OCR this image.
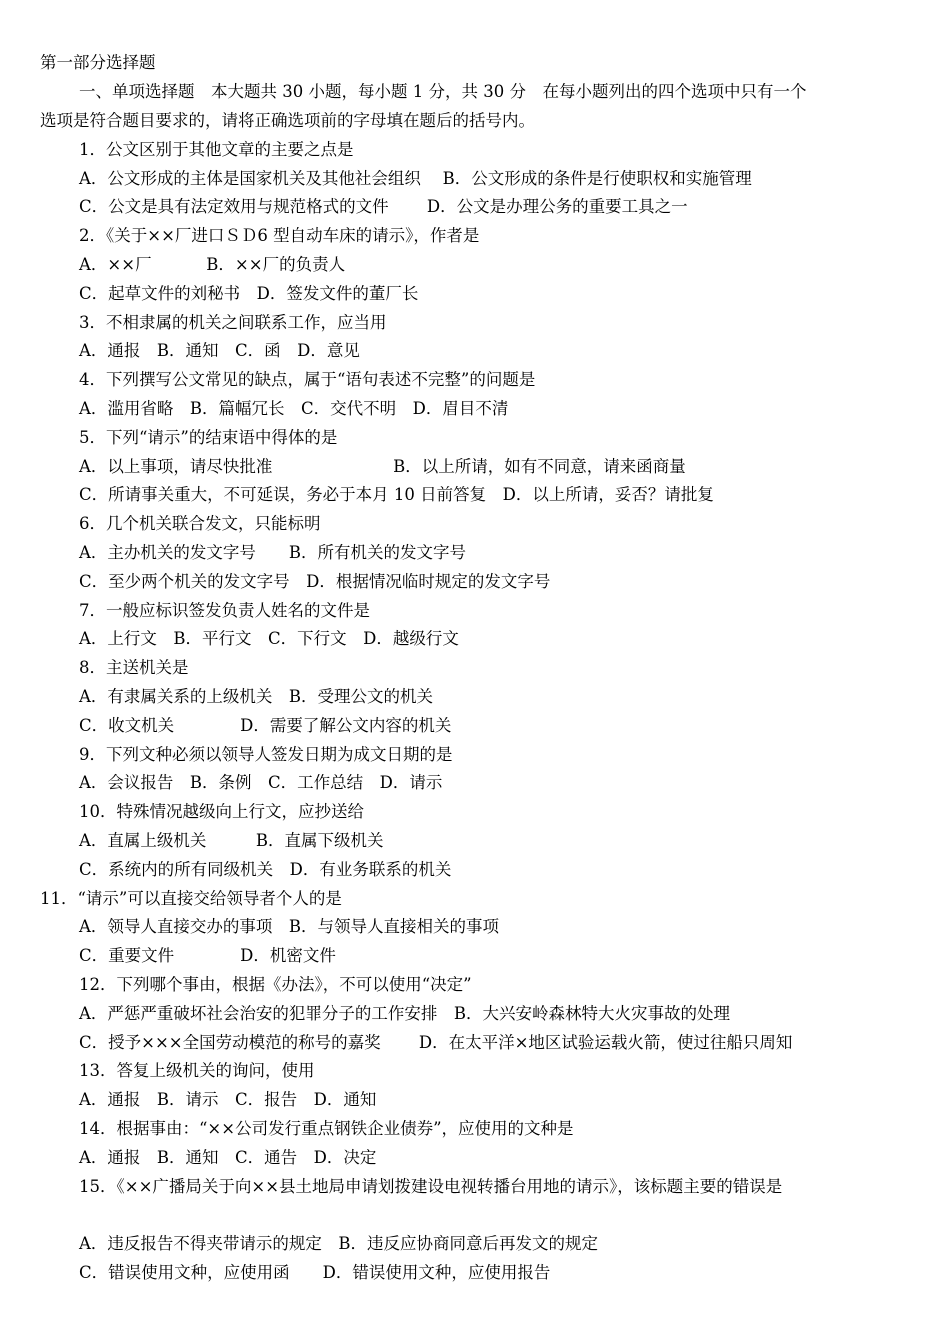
第一部分选择题
一、单项选择题　本大题共 30 小题，每小题 1 分，共 30 分　在每小题列出的四个选项中只有一个
选项是符合题目要求的，请将正确选项前的字母填在题后的括号内。
1．公文区别于其他文章的主要之点是
A．公文形成的主体是国家机关及其他社会组织　 B．公文形成的条件是行使职权和实施管理
C．公文是具有法定效用与规范格式的文件　　 D．公文是办理公务的重要工具之一
2．《关于××厂进口ＳＤ6 型自动车床的请示》，作者是
A．××厂　　　 B．××厂的负责人
C．起草文件的刘秘书　D．签发文件的董厂长
3．不相隶属的机关之间联系工作，应当用
A．通报　B．通知　C．函　D．意见
4．下列撰写公文常见的缺点，属于“语句表述不完整”的问题是
A．滥用省略　B．篇幅冗长　C．交代不明　D．眉目不清
5．下列“请示”的结束语中得体的是
A．以上事项，请尽快批准　　　　　　　 B．以上所请，如有不同意，请来函商量
C．所请事关重大，不可延误，务必于本月 10 日前答复　D．以上所请，妥否？请批复
6．几个机关联合发文，只能标明
A．主办机关的发文字号　　B．所有机关的发文字号
C．至少两个机关的发文字号　D．根据情况临时规定的发文字号
7．一般应标识签发负责人姓名的文件是
A．上行文　B．平行文　C．下行文　D．越级行文
8．主送机关是
A．有隶属关系的上级机关　B．受理公文的机关
C．收文机关　　　　D．需要了解公文内容的机关
9．下列文种必须以领导人签发日期为成文日期的是
A．会议报告　B．条例　C．工作总结　D．请示
10．特殊情况越级向上行文，应抄送给
A．直属上级机关　　　B．直属下级机关
C．系统内的所有同级机关　D．有业务联系的机关
11．“请示”可以直接交给领导者个人的是
A．领导人直接交办的事项　B．与领导人直接相关的事项
C．重要文件　　　　D．机密文件
12．下列哪个事由，根据《办法》，不可以使用“决定”
A．严惩严重破坏社会治安的犯罪分子的工作安排　B．大兴安岭森林特大火灾事故的处理
C．授予×××全国劳动模范的称号的嘉奖　　 D．在太平洋×地区试验运载火箭，使过往船只周知
13．答复上级机关的询问，使用
A．通报　B．请示　C．报告　D．通知
14．根据事由：“××公司发行重点钢铁企业债券”，应使用的文种是
A．通报　B．通知　C．通告　D．决定
15．《××广播局关于向××县土地局申请划拨建设电视转播台用地的请示》，该标题主要的错误是
A．违反报告不得夹带请示的规定　B．违反应协商同意后再发文的规定
C．错误使用文种，应使用函　　D．错误使用文种，应使用报告
